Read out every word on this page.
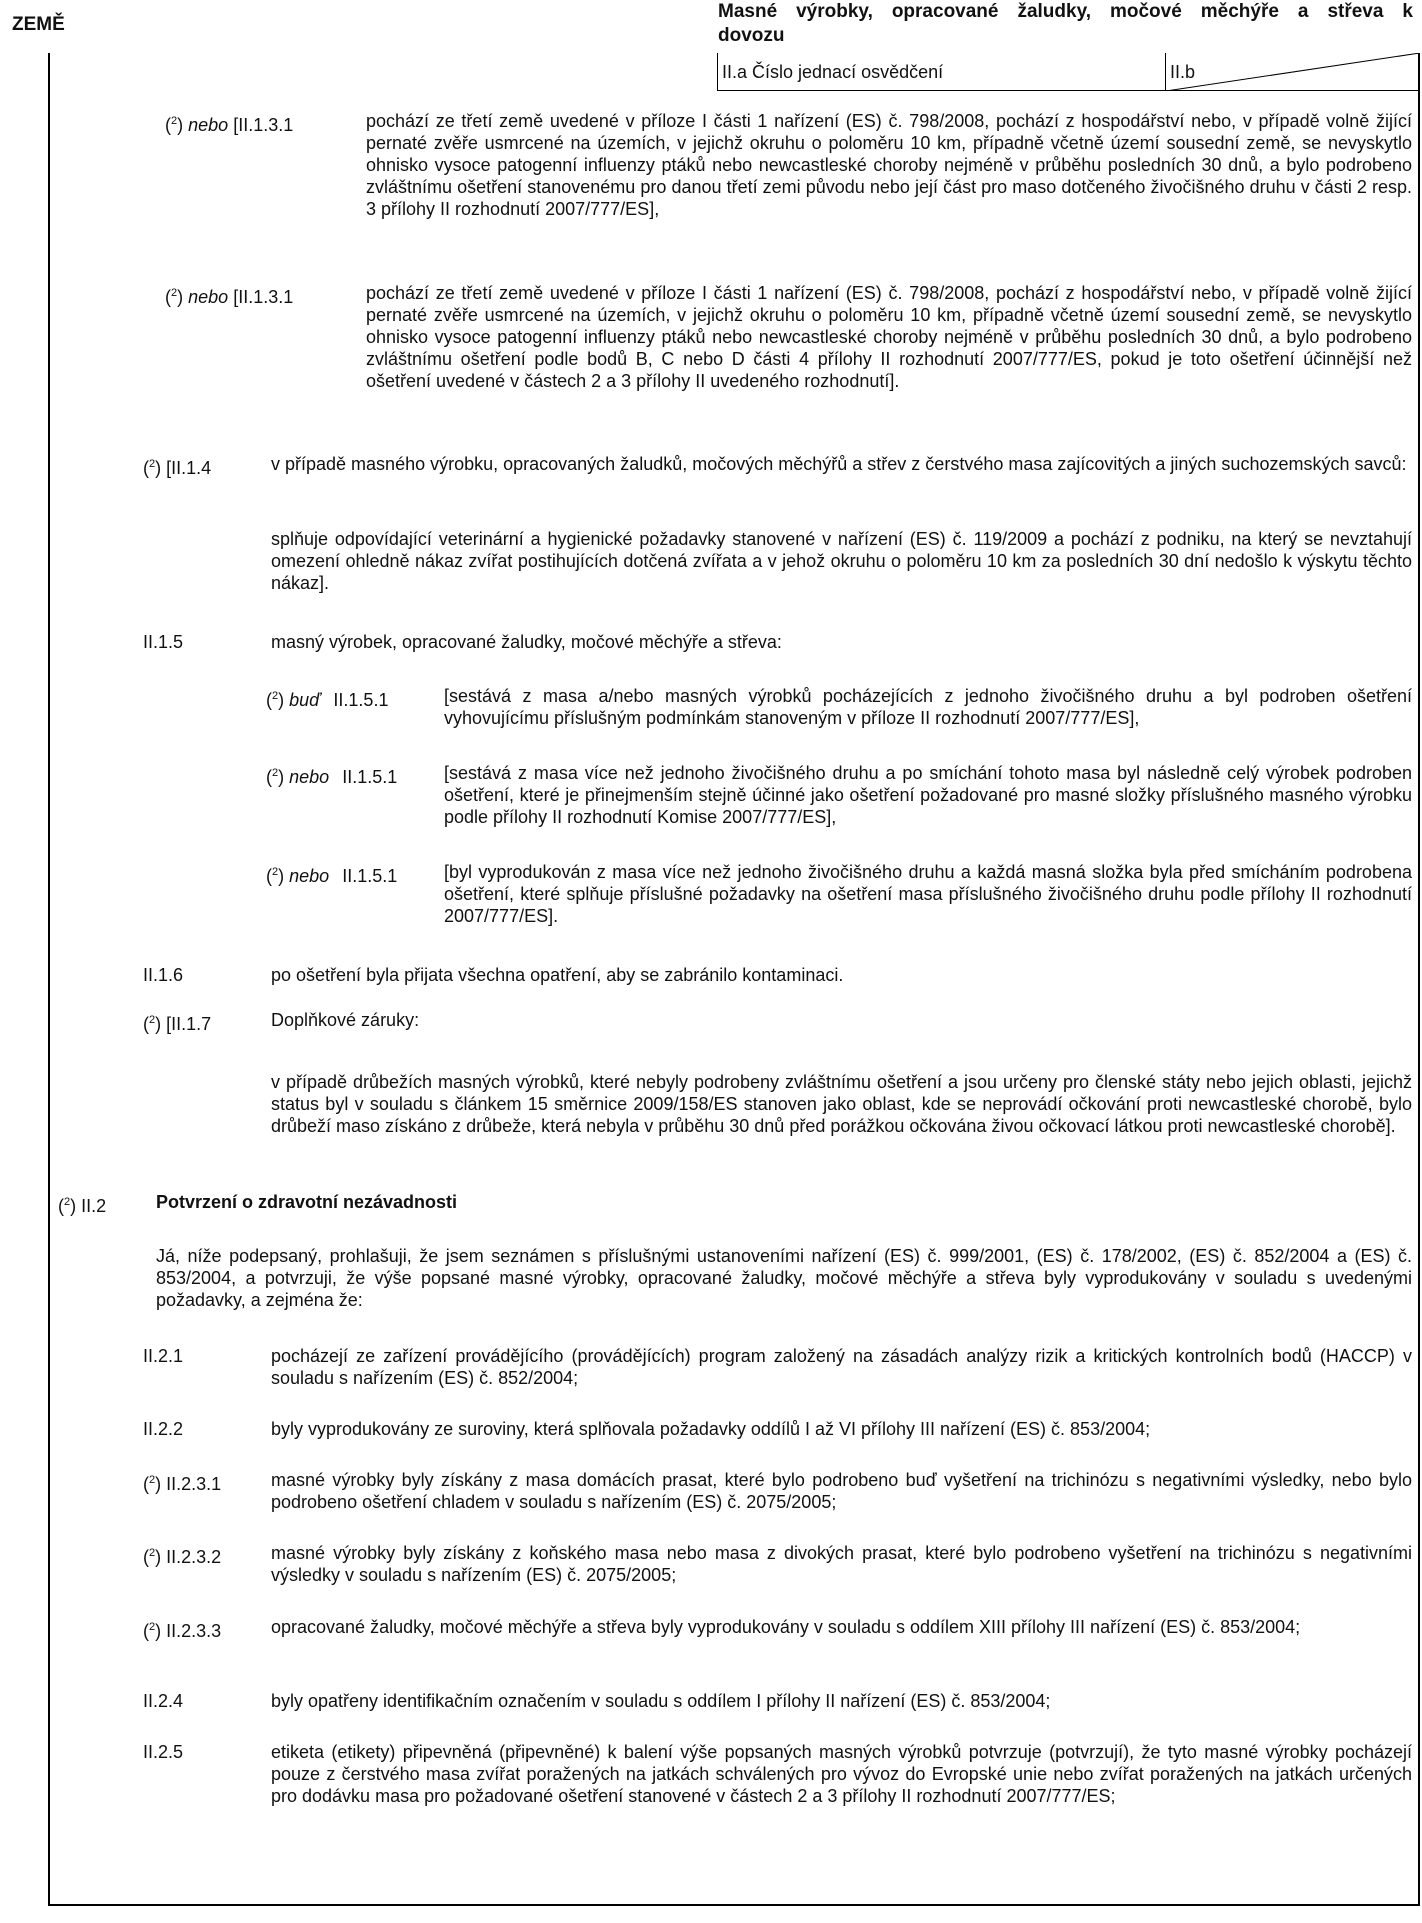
ZEMĚ
Masné výrobky, opracované žaludky, močové měchýře a střeva k
dovozu
II.a Číslo jednací osvědčení	II.b
($^2$) nebo [II.1.3.1	pochází ze třetí země uvedené v příloze I části 1 nařízení (ES) č. 798/2008, pochází z hospodářství nebo, v případě volně žijící pernaté zvěře usmrcené na územích, v jejichž okruhu o poloměru 10 km, případně včetně území sousední země, se nevyskytlo ohnisko vysoce patogenní influenzy ptáků nebo newcastleské choroby nejméně v průběhu posledních 30 dnů, a bylo podrobeno zvláštnímu ošetření stanovenému pro danou třetí zemi původu nebo její část pro maso dotčeného živočišného druhu v části 2 resp. 3 přílohy II rozhodnutí 2007/777/ES],
($^2$) nebo [II.1.3.1	pochází ze třetí země uvedené v příloze I části 1 nařízení (ES) č. 798/2008, pochází z hospodářství nebo, v případě volně žijící pernaté zvěře usmrcené na územích, v jejichž okruhu o poloměru 10 km, případně včetně území sousední země, se nevyskytlo ohnisko vysoce patogenní influenzy ptáků nebo newcastleské choroby nejméně v průběhu posledních 30 dnů, a bylo podrobeno zvláštnímu ošetření podle bodů B, C nebo D části 4 přílohy II rozhodnutí 2007/777/ES, pokud je toto ošetření účinnější než ošetření uvedené v částech 2 a 3 přílohy II uvedeného rozhodnutí].
($^2$) [II.1.4	v případě masného výrobku, opracovaných žaludků, močových měchýřů a střev z čerstvého masa zajícovitých a jiných suchozemských savců:
splňuje odpovídající veterinární a hygienické požadavky stanovené v nařízení (ES) č. 119/2009 a pochází z podniku, na který se nevztahují omezení ohledně nákaz zvířat postihujících dotčená zvířata a v jehož okruhu o poloměru 10 km za posledních 30 dní nedošlo k výskytu těchto nákaz].
II.1.5	masný výrobek, opracované žaludky, močové měchýře a střeva:
($^2$) buď II.1.5.1	[sestává z masa a/nebo masných výrobků pocházejících z jednoho živočišného druhu a byl podroben ošetření vyhovujícímu příslušným podmínkám stanoveným v příloze II rozhodnutí 2007/777/ES],
($^2$) nebo II.1.5.1	[sestává z masa více než jednoho živočišného druhu a po smíchání tohoto masa byl následně celý výrobek podroben ošetření, které je přinejmenším stejně účinné jako ošetření požadované pro masné složky příslušného masného výrobku podle přílohy II rozhodnutí Komise 2007/777/ES],
($^2$) nebo II.1.5.1	[byl vyprodukován z masa více než jednoho živočišného druhu a každá masná složka byla před smícháním podrobena ošetření, které splňuje příslušné požadavky na ošetření masa příslušného živočišného druhu podle přílohy II rozhodnutí 2007/777/ES].
II.1.6	po ošetření byla přijata všechna opatření, aby se zabránilo kontaminaci.
($^2$) [II.1.7	Doplňkové záruky:
v případě drůbežích masných výrobků, které nebyly podrobeny zvláštnímu ošetření a jsou určeny pro členské státy nebo jejich oblasti, jejichž status byl v souladu s článkem 15 směrnice 2009/158/ES stanoven jako oblast, kde se neprovádí očkování proti newcastleské chorobě, bylo drůbeží maso získáno z drůbeže, která nebyla v průběhu 30 dnů před porážkou očkována živou očkovací látkou proti newcastleské chorobě].
($^2$) II.2	Potvrzení o zdravotní nezávadnosti
Já, níže podepsaný, prohlašuji, že jsem seznámen s příslušnými ustanoveními nařízení (ES) č. 999/2001, (ES) č. 178/2002, (ES) č. 852/2004 a (ES) č. 853/2004, a potvrzuji, že výše popsané masné výrobky, opracované žaludky, močové měchýře a střeva byly vyprodukovány v souladu s uvedenými požadavky, a zejména že:
II.2.1	pocházejí ze zařízení provádějícího (provádějících) program založený na zásadách analýzy rizik a kritických kontrolních bodů (HACCP) v souladu s nařízením (ES) č. 852/2004;
II.2.2	byly vyprodukovány ze suroviny, která splňovala požadavky oddílů I až VI přílohy III nařízení (ES) č. 853/2004;
($^2$) II.2.3.1	masné výrobky byly získány z masa domácích prasat, které bylo podrobeno buď vyšetření na trichinózu s negativními výsledky, nebo bylo podrobeno ošetření chladem v souladu s nařízením (ES) č. 2075/2005;
($^2$) II.2.3.2	masné výrobky byly získány z koňského masa nebo masa z divokých prasat, které bylo podrobeno vyšetření na trichinózu s negativními výsledky v souladu s nařízením (ES) č. 2075/2005;
($^2$) II.2.3.3	opracované žaludky, močové měchýře a střeva byly vyprodukovány v souladu s oddílem XIII přílohy III nařízení (ES) č. 853/2004;
II.2.4	byly opatřeny identifikačním označením v souladu s oddílem I přílohy II nařízení (ES) č. 853/2004;
II.2.5	etiketa (etikety) připevněná (připevněné) k balení výše popsaných masných výrobků potvrzuje (potvrzují), že tyto masné výrobky pocházejí pouze z čerstvého masa zvířat poražených na jatkách schválených pro vývoz do Evropské unie nebo zvířat poražených na jatkách určených pro dodávku masa pro požadované ošetření stanovené v částech 2 a 3 přílohy II rozhodnutí 2007/777/ES;
